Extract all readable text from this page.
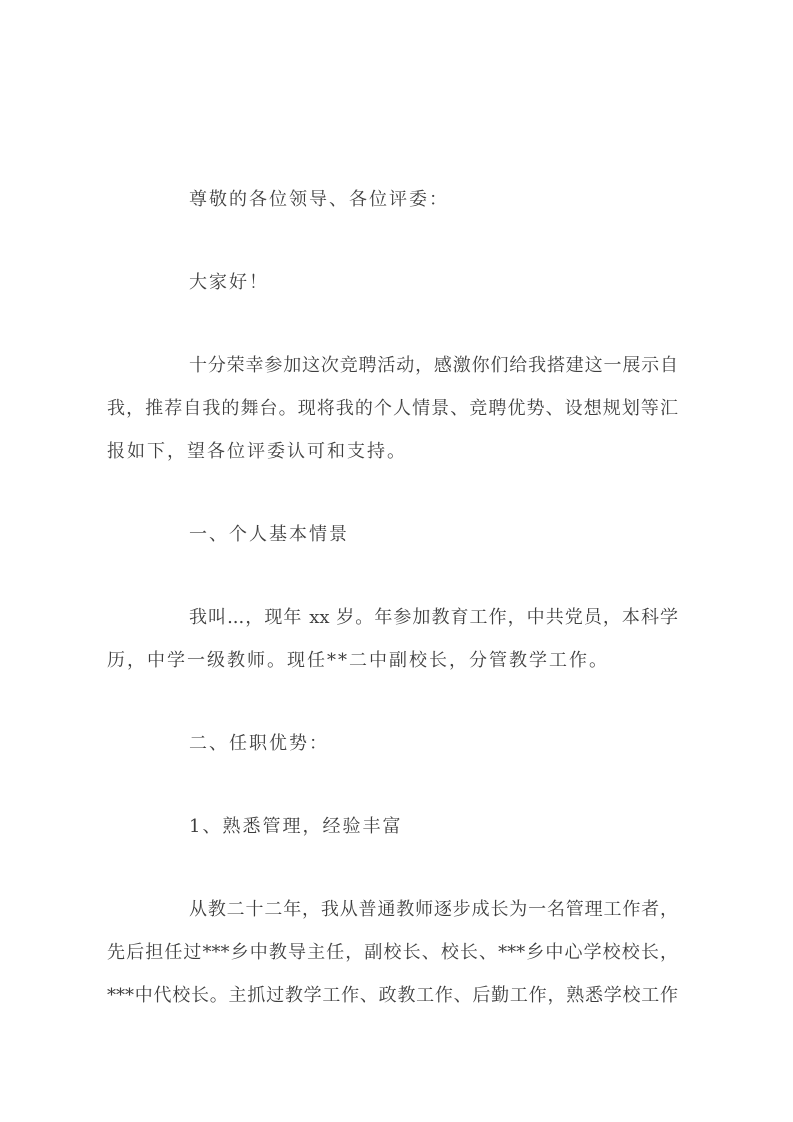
尊敬的各位领导、各位评委：
大家好！
十分荣幸参加这次竞聘活动，感激你们给我搭建这一展示自
我，推荐自我的舞台。现将我的个人情景、竞聘优势、设想规划等汇
报如下，望各位评委认可和支持。
一、个人基本情景
我叫...，现年 xx 岁。年参加教育工作，中共党员，本科学
历，中学一级教师。现任**二中副校长，分管教学工作。
二、任职优势：
1、熟悉管理，经验丰富
从教二十二年，我从普通教师逐步成长为一名管理工作者，
先后担任过***乡中教导主任，副校长、校长、***乡中心学校校长，
***中代校长。主抓过教学工作、政教工作、后勤工作，熟悉学校工作
